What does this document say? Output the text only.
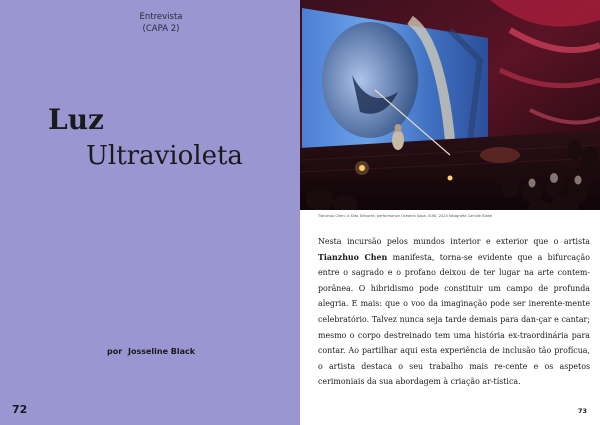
Entrevista
(CAPA 2)
Luz
Ultravioleta
por Josseline Black
72
Tianzhuo Chen: A Siita Eelyorte, performance Oceania Sopa, SUKI, 2024 fotografia Camille Blake

Nesta incursão pelos mundos interior e exterior que o artista Tianzhuo Chen manifesta, torna-se evidente que a bifurcação entre o sagrado e o profano deixou de ter lugar na arte contem-porânea. O hibridismo pode constituir um campo de profunda alegria. E mais: que o voo da imaginação pode ser inerente-mente celebratório. Talvez nunca seja tarde demais para dan-çar e cantar; mesmo o corpo destreinado tem uma história ex-traordinária para contar. Ao partilhar aqui esta experiência de inclusão tão profícua, o artista destaca o seu trabalho mais re-cente e os aspetos cerimoniais da sua abordagem à criação ar-tística.

73
